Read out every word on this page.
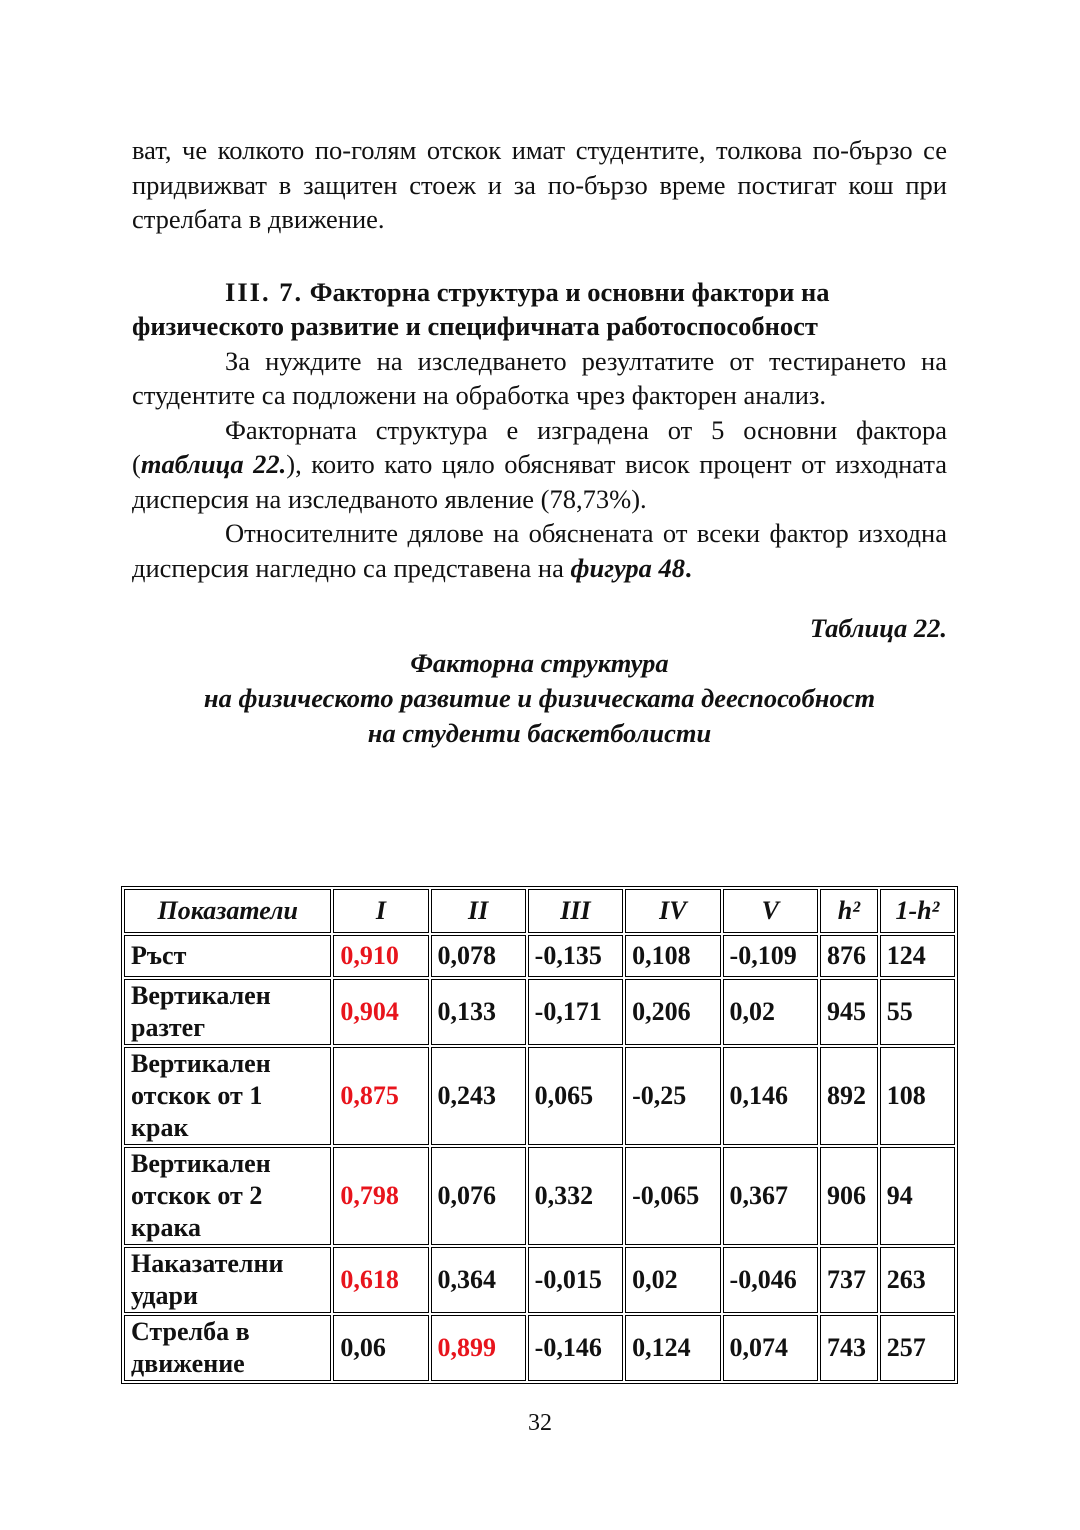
ват, че колкото по-голям отскок имат студентите, толкова по-бързо се придвижват в защитен стоеж и за по-бързо време постигат кош при стрелбата в движение.

III. 7. Факторна структура и основни фактори на физическото развитие и специфичната работоспособност

За нуждите на изследването резултатите от тестирането на студентите са подложени на обработка чрез факторен анализ.

Факторната структура е изградена от 5 основни фактора (таблица 22.), които като цяло обясняват висок процент от изходната дисперсия на изследваното явление (78,73%).

Относителните дялове на обяснената от всеки фактор изходна дисперсия нагледно са представена на фигура 48.

Таблица 22.
Факторна структура
на физическото развитие и физическата дееспособност
на студенти баскетболисти
Показатели	I	II	III	IV	V	h²	1-h²
Ръст	0,910	0,078	-0,135	0,108	-0,109	876	124
Вертикален разтег	0,904	0,133	-0,171	0,206	0,02	945	55
Вертикален отскок от 1 крак	0,875	0,243	0,065	-0,25	0,146	892	108
Вертикален отскок от 2 крака	0,798	0,076	0,332	-0,065	0,367	906	94
Наказателни удари	0,618	0,364	-0,015	0,02	-0,046	737	263
Стрелба в движение	0,06	0,899	-0,146	0,124	0,074	743	257
32
